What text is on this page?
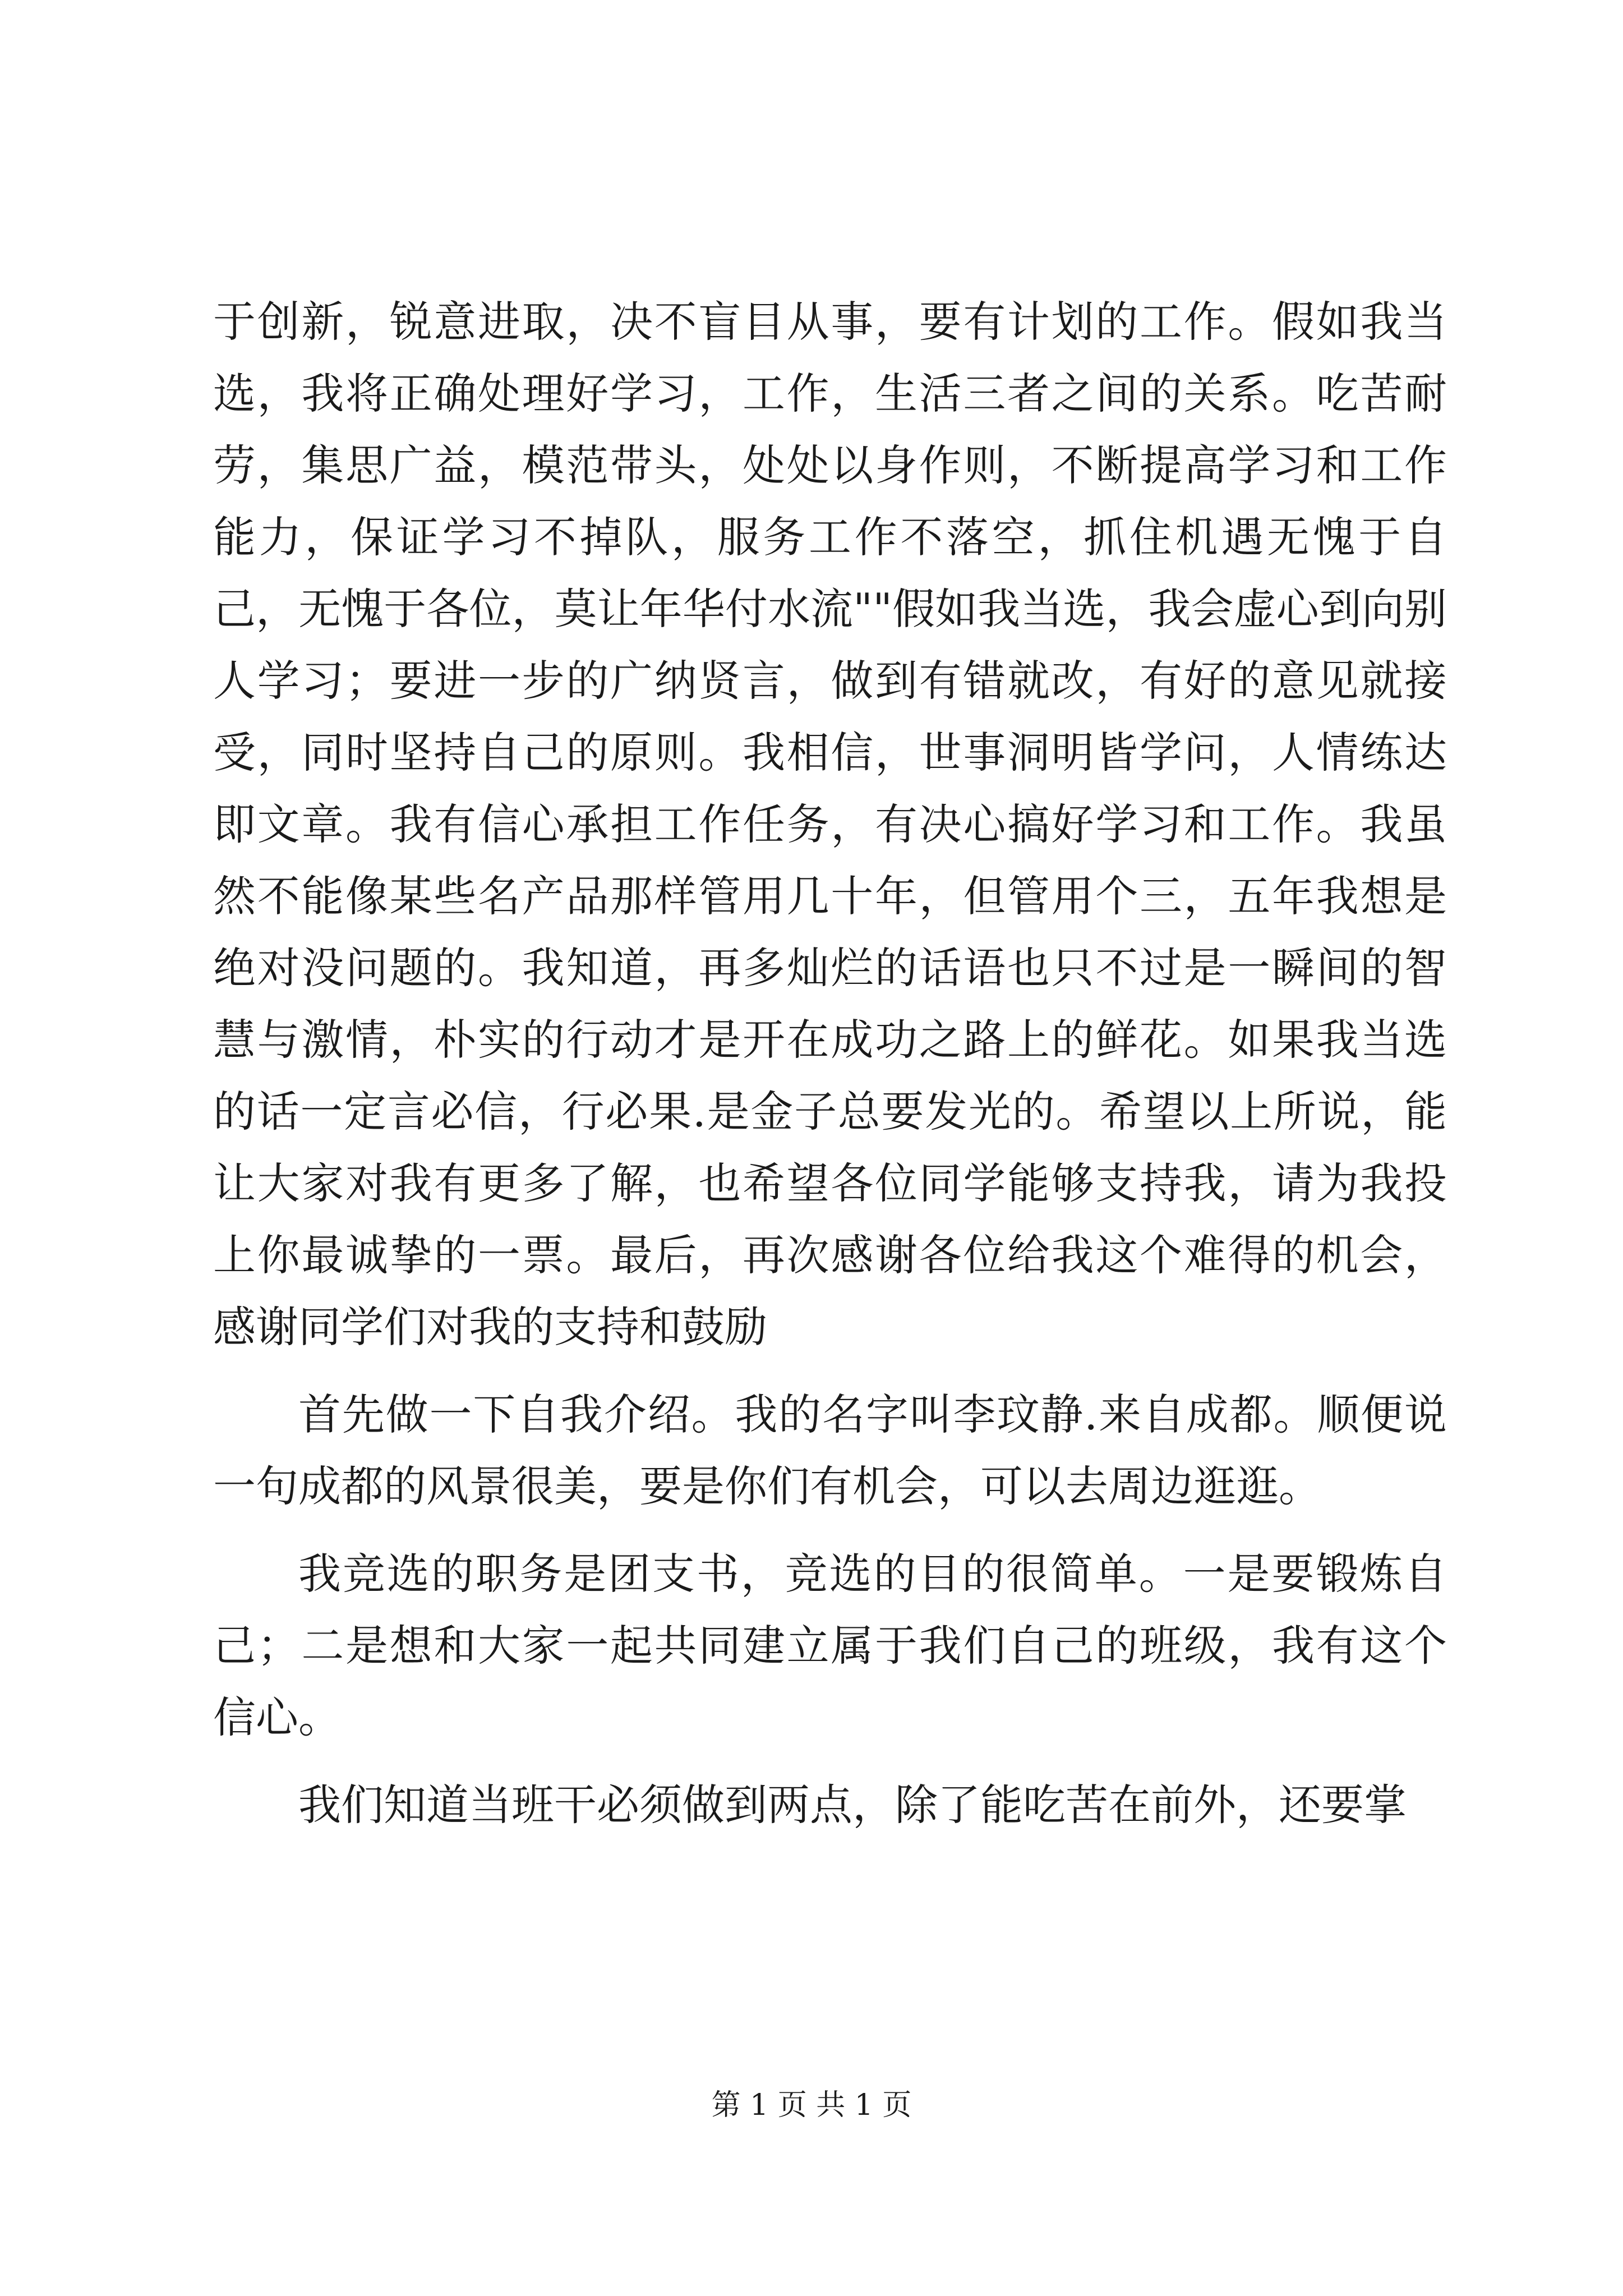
于创新，锐意进取，决不盲目从事，要有计划的工作。假如我当选，我将正确处理好学习，工作，生活三者之间的关系。吃苦耐劳，集思广益，模范带头，处处以身作则，不断提高学习和工作能力，保证学习不掉队，服务工作不落空，抓住机遇无愧于自己，无愧于各位，莫让年华付水流""假如我当选，我会虚心到向别人学习；要进一步的广纳贤言，做到有错就改，有好的意见就接受，同时坚持自己的原则。我相信，世事洞明皆学问，人情练达即文章。我有信心承担工作任务，有决心搞好学习和工作。我虽然不能像某些名产品那样管用几十年，但管用个三，五年我想是绝对没问题的。我知道，再多灿烂的话语也只不过是一瞬间的智慧与激情，朴实的行动才是开在成功之路上的鲜花。如果我当选的话一定言必信，行必果.是金子总要发光的。希望以上所说，能让大家对我有更多了解，也希望各位同学能够支持我，请为我投上你最诚挚的一票。最后，再次感谢各位给我这个难得的机会，感谢同学们对我的支持和鼓励

首先做一下自我介绍。我的名字叫李玟静.来自成都。顺便说一句成都的风景很美，要是你们有机会，可以去周边逛逛。

我竞选的职务是团支书，竞选的目的很简单。一是要锻炼自己；二是想和大家一起共同建立属于我们自己的班级，我有这个信心。

我们知道当班干必须做到两点，除了能吃苦在前外，还要掌

第 1 页 共 1 页
